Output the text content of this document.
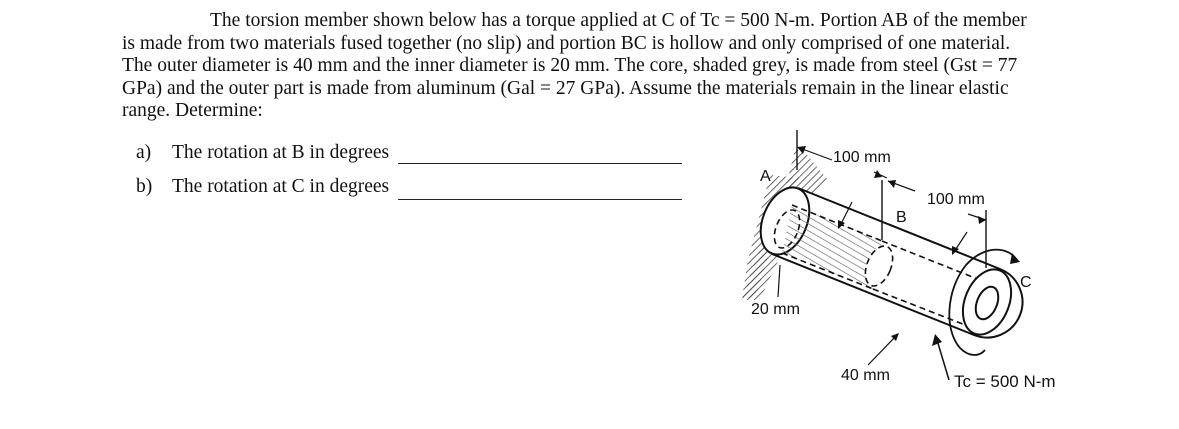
The torsion member shown below has a torque applied at C of Tc = 500 N-m. Portion AB of the member
is made from two materials fused together (no slip) and portion BC is hollow and only comprised of one material.
The outer diameter is 40 mm and the inner diameter is 20 mm. The core, shaded grey, is made from steel (Gst = 77
GPa) and the outer part is made from aluminum (Gal = 27 GPa). Assume the materials remain in the linear elastic
range. Determine:
a) The rotation at B in degrees
b) The rotation at C in degrees	A
B
C
100 mm
100 mm
20 mm
40 mm	Tc = 500 N-m
